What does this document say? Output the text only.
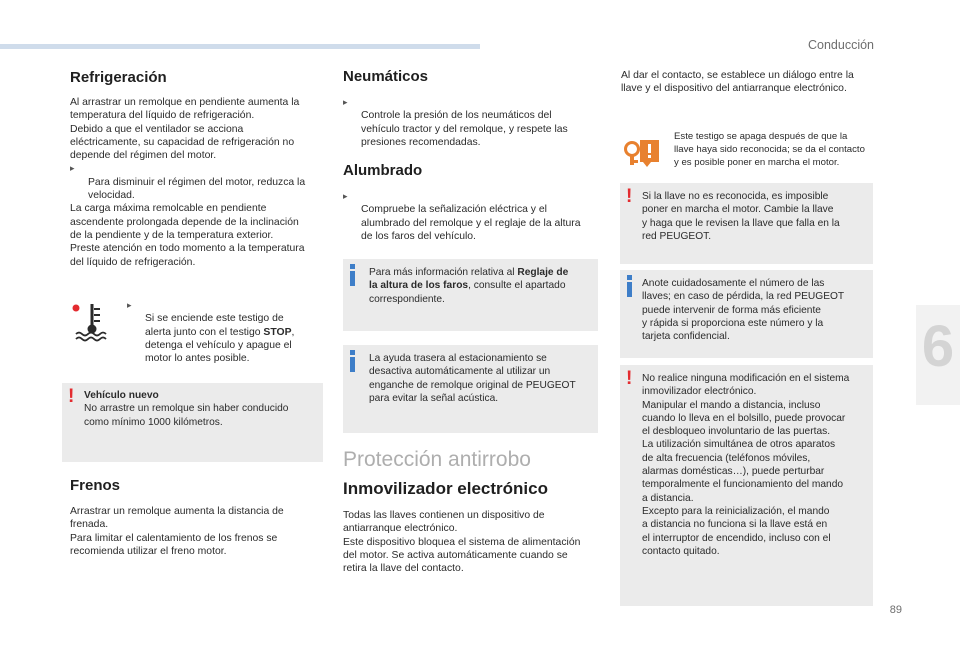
Conducción
6
89
Refrigeración

Al arrastrar un remolque en pendiente aumenta la
temperatura del líquido de refrigeración.
Debido a que el ventilador se acciona
eléctricamente, su capacidad de refrigeración no
depende del régimen del motor.

▸
Para disminuir el régimen del motor, reduzca la
velocidad.

La carga máxima remolcable en pendiente
ascendente prolongada depende de la inclinación
de la pendiente y de la temperatura exterior.
Preste atención en todo momento a la temperatura
del líquido de refrigeración.

▸
Si se enciende este testigo de
alerta junto con el testigo STOP,
detenga el vehículo y apague el
motor lo antes posible.

! Vehículo nuevo
No arrastre un remolque sin haber conducido
como mínimo 1000 kilómetros.
Frenos

Arrastrar un remolque aumenta la distancia de
frenada.
Para limitar el calentamiento de los frenos se
recomienda utilizar el freno motor.

Neumáticos

▸
Controle la presión de los neumáticos del
vehículo tractor y del remolque, y respete las
presiones recomendadas.

Alumbrado

▸
Compruebe la señalización eléctrica y el
alumbrado del remolque y el reglaje de la altura
de los faros del vehículo.

Para más información relativa al Reglaje de
la altura de los faros, consulte el apartado
correspondiente.
La ayuda trasera al estacionamiento se
desactiva automáticamente al utilizar un
enganche de remolque original de PEUGEOT
para evitar la señal acústica.
Protección antirrobo
Inmovilizador electrónico

Todas las llaves contienen un dispositivo de
antiarranque electrónico.
Este dispositivo bloquea el sistema de alimentación
del motor. Se activa automáticamente cuando se
retira la llave del contacto.

Al dar el contacto, se establece un diálogo entre la
llave y el dispositivo del antiarranque electrónico.

Este testigo se apaga después de que la
llave haya sido reconocida; se da el contacto
y es posible poner en marcha el motor.

! Si la llave no es reconocida, es imposible
poner en marcha el motor. Cambie la llave
y haga que le revisen la llave que falla en la
red PEUGEOT.
Anote cuidadosamente el número de las
llaves; en caso de pérdida, la red PEUGEOT
puede intervenir de forma más eficiente
y rápida si proporciona este número y la
tarjeta confidencial.
! No realice ninguna modificación en el sistema
inmovilizador electrónico.
Manipular el mando a distancia, incluso
cuando lo lleva en el bolsillo, puede provocar
el desbloqueo involuntario de las puertas.
La utilización simultánea de otros aparatos
de alta frecuencia (teléfonos móviles,
alarmas domésticas…), puede perturbar
temporalmente el funcionamiento del mando
a distancia.
Excepto para la reinicialización, el mando
a distancia no funciona si la llave está en
el interruptor de encendido, incluso con el
contacto quitado.
